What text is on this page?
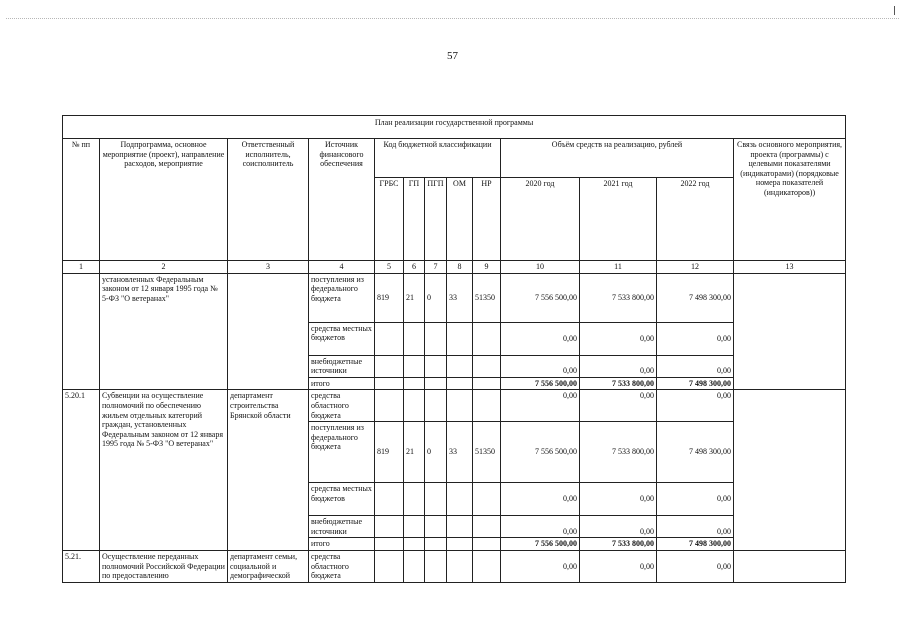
57
План реализации государственной программы												
№ пп	Подпрограмма, основное мероприятие (проект), направление расходов, мероприятие	Ответственный исполнитель, соисполнитель	Источник финансового обеспечения	Код бюджетной классификации					Объём средств на реализацию, рублей			Связь основного мероприятия, проекта (программы) с целевыми показателями (индикаторами) (порядковые номера показателей (индикаторов))
				ГРБС	ГП	ПГП	ОМ	НР	2020 год	2021 год	2022 год	
1	2	3	4	5	6	7	8	9	10	11	12	13
	установленных Федеральным законом от 12 января 1995 года № 5-ФЗ "О ветеранах"		поступления из федерального бюджета	819	21	0	33	51350	7 556 500,00	7 533 800,00	7 498 300,00	
			средства местных бюджетов						0,00	0,00	0,00	
			внебюджетные источники						0,00	0,00	0,00	
			итого						7 556 500,00	7 533 800,00	7 498 300,00	
5.20.1	Субвенции на осуществление полномочий по обеспечению жильем отдельных категорий граждан, установленных Федеральным законом от 12 января 1995 года № 5-ФЗ "О ветеранах"	департамент строительства Брянской области	средства областного бюджета						0,00	0,00	0,00	
			поступления из федерального бюджета	819	21	0	33	51350	7 556 500,00	7 533 800,00	7 498 300,00	
			средства местных бюджетов						0,00	0,00	0,00	
			внебюджетные источники						0,00	0,00	0,00	
			итого						7 556 500,00	7 533 800,00	7 498 300,00	
5.21.	Осуществление переданных полномочий Российской Федерации по предоставлению	департамент семьи, социальной и демографической	средства областного бюджета						0,00	0,00	0,00	
